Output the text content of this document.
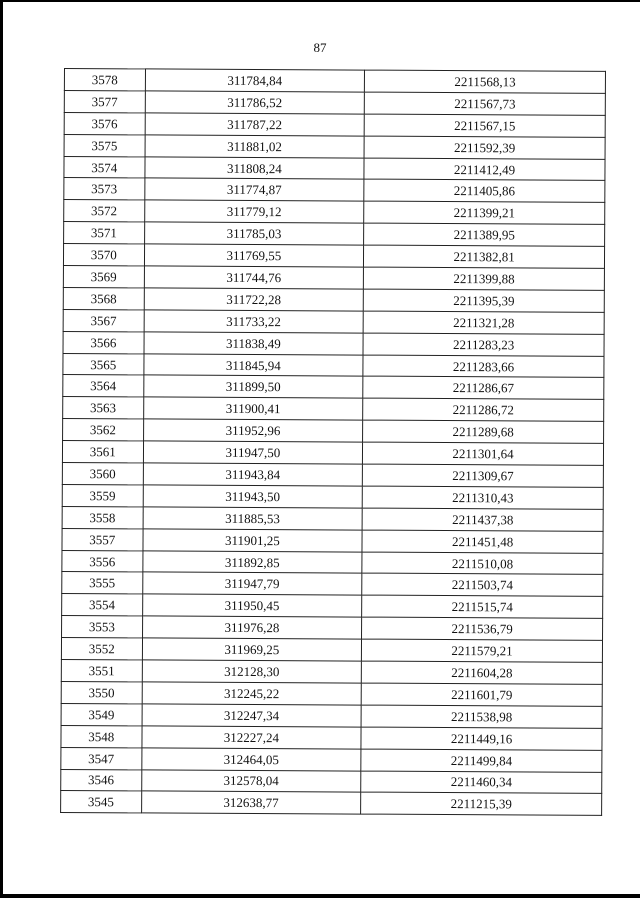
87
3578	311784,84	2211568,13
3577	311786,52	2211567,73
3576	311787,22	2211567,15
3575	311881,02	2211592,39
3574	311808,24	2211412,49
3573	311774,87	2211405,86
3572	311779,12	2211399,21
3571	311785,03	2211389,95
3570	311769,55	2211382,81
3569	311744,76	2211399,88
3568	311722,28	2211395,39
3567	311733,22	2211321,28
3566	311838,49	2211283,23
3565	311845,94	2211283,66
3564	311899,50	2211286,67
3563	311900,41	2211286,72
3562	311952,96	2211289,68
3561	311947,50	2211301,64
3560	311943,84	2211309,67
3559	311943,50	2211310,43
3558	311885,53	2211437,38
3557	311901,25	2211451,48
3556	311892,85	2211510,08
3555	311947,79	2211503,74
3554	311950,45	2211515,74
3553	311976,28	2211536,79
3552	311969,25	2211579,21
3551	312128,30	2211604,28
3550	312245,22	2211601,79
3549	312247,34	2211538,98
3548	312227,24	2211449,16
3547	312464,05	2211499,84
3546	312578,04	2211460,34
3545	312638,77	2211215,39
